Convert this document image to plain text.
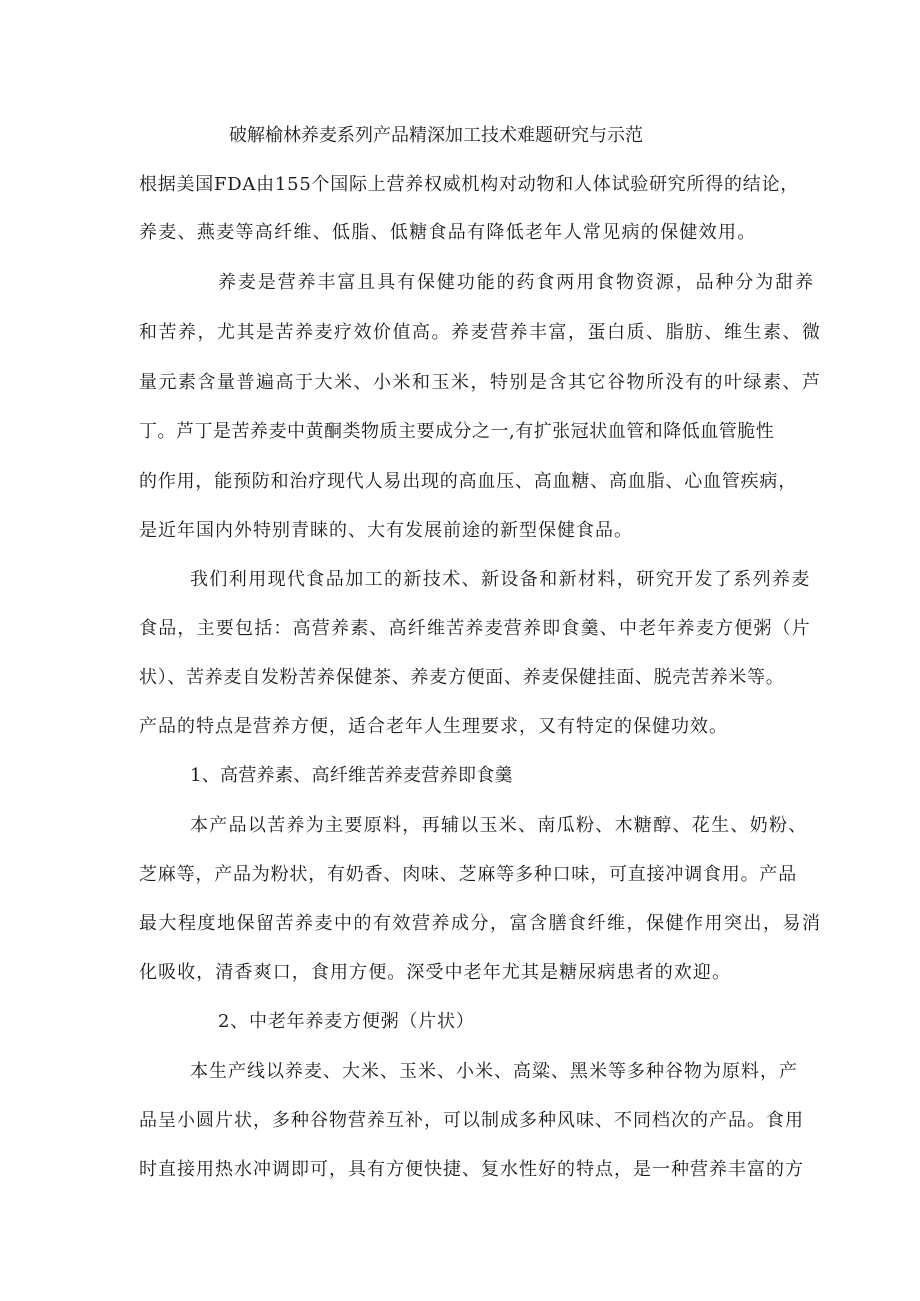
破解榆林养麦系列产品精深加工技术难题研究与示范

根据美国FDA由155个国际上营养权威机构对动物和人体试验研究所得的结论，

养麦、燕麦等高纤维、低脂、低糖食品有降低老年人常见病的保健效用。

养麦是营养丰富且具有保健功能的药食两用食物资源，品种分为甜养

和苦养，尤其是苦养麦疗效价值高。养麦营养丰富，蛋白质、脂肪、维生素、微

量元素含量普遍高于大米、小米和玉米，特别是含其它谷物所没有的叶绿素、芦

丁。芦丁是苦养麦中黄酮类物质主要成分之一,有扩张冠状血管和降低血管脆性

的作用，能预防和治疗现代人易出现的高血压、高血糖、高血脂、心血管疾病，

是近年国内外特别青睐的、大有发展前途的新型保健食品。

我们利用现代食品加工的新技术、新设备和新材料，研究开发了系列养麦

食品，主要包括：高营养素、高纤维苦养麦营养即食羹、中老年养麦方便粥（片

状）、苦养麦自发粉苦养保健茶、养麦方便面、养麦保健挂面、脱壳苦养米等。

产品的特点是营养方便，适合老年人生理要求，又有特定的保健功效。

1、高营养素、高纤维苦养麦营养即食羹

本产品以苦养为主要原料，再辅以玉米、南瓜粉、木糖醇、花生、奶粉、

芝麻等，产品为粉状，有奶香、肉味、芝麻等多种口味，可直接冲调食用。产品

最大程度地保留苦养麦中的有效营养成分，富含膳食纤维，保健作用突出，易消

化吸收，清香爽口，食用方便。深受中老年尤其是糖尿病患者的欢迎。

2、中老年养麦方便粥（片状）

本生产线以养麦、大米、玉米、小米、高粱、黑米等多种谷物为原料，产

品呈小圆片状，多种谷物营养互补，可以制成多种风味、不同档次的产品。食用

时直接用热水冲调即可，具有方便快捷、复水性好的特点，是一种营养丰富的方
